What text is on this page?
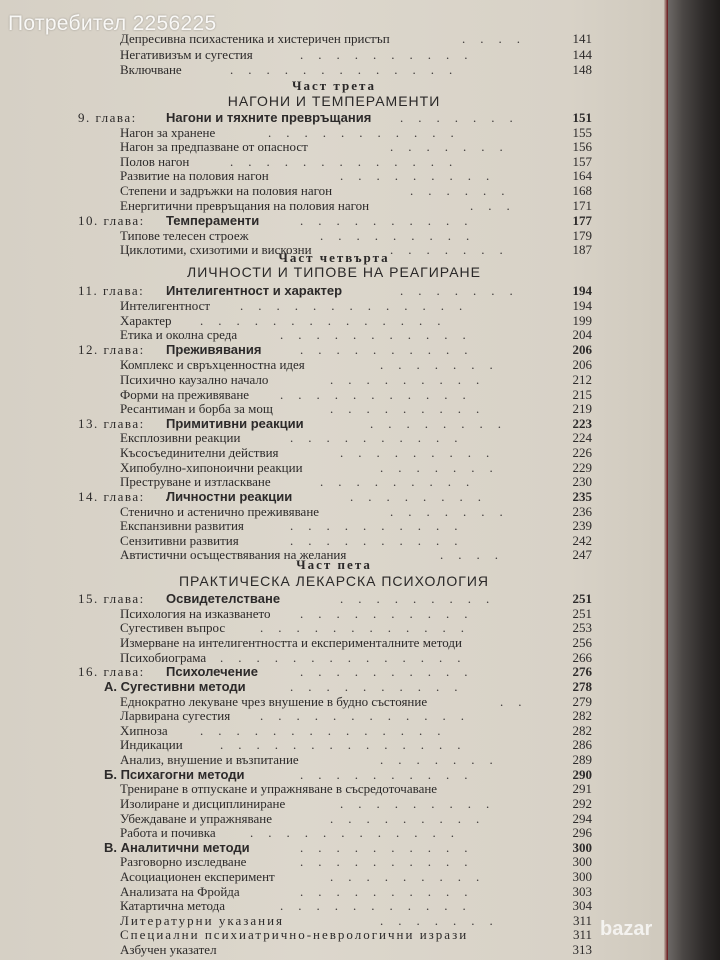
Потребител 2256225
bazar
Депресивна психастеника и хистеричен пристъп	....	141
Негативизъм и сугестия	..........	144
Включване	.............	148
Част трета
НАГОНИ И ТЕМПЕРАМЕНТИ
9. глава: Нагони и тяхните превръщания .......	151
Нагон за хранене	...........	155
Нагон за предпазване от опасност	.......	156
Полов нагон	.............	157
Развитие на половия нагон	.........	164
Степени и задръжки на половия нагон	......	168
Енергитични превръщания на половия нагон	...	171
10. глава: Темпераменти	..........	177
Типове телесен строеж	.........	179
Циклотими, схизотими и вискозни	.......	187
Част четвърта
ЛИЧНОСТИ И ТИПОВЕ НА РЕАГИРАНЕ
11. глава: Интелигентност и характер	.......	194
Интелигентност .............	194
Характер ..............	199
Етика и околна среда	...........	204
12. глава: Преживявания	..........	206
Комплекс и свръхценностна идея	.......	206
Психично каузално начало	.........	212
Форми на преживяване ...........	215
Ресантиман и борба за мощ	.........	219
13. глава: Примитивни реакции	........	223
Експлозивни реакции	..........	224
Късосъединителни действия	.........	226
Хипобулно-хипоноични реакции	.......	229
Преструване и изтласкване	.........	230
14. глава: Личностни реакции	........	235
Стенично и астенично преживяване	.......	236
Експанзивни развития	..........	239
Сензитивни развития	..........	242
Автистични осъществявания на желания	....	247
Част пета
ПРАКТИЧЕСКА ЛЕКАРСКА ПСИХОЛОГИЯ
15. глава: Освидетелстване	.........	251
Психология на изказването ..........	251
Сугестивен въпрос	............	253
Измерване на интелигентността и експерименталните методи	256
Психобиограма ..............	266
16. глава: Психолечение	..........	276
А. Сугестивни методи	..........	278
Еднократно лекуване чрез внушение в будно състояние	..	279
Ларвирана сугестия ............	282
Хипноза ..............	282
Индикации	..............	286
Анализ, внушение и възпитание	.......	289
Б. Психагогни методи	..........	290
Трениране в отпускане и упражняване в съсредоточаване	291
Изолиране и дисциплиниране	.........	292
Убеждаване и упражняване	.........	294
Работа и почивка	............	296
В. Аналитични методи	..........	300
Разговорно изследване	..........	300
Асоциационен експеримент	.........	300
Анализата на Фройда	..........	303
Катартична метода	...........	304
Литературни указания	.......	311
Специални психиатрично-неврологични изрази	311
Азбучен указател	313
